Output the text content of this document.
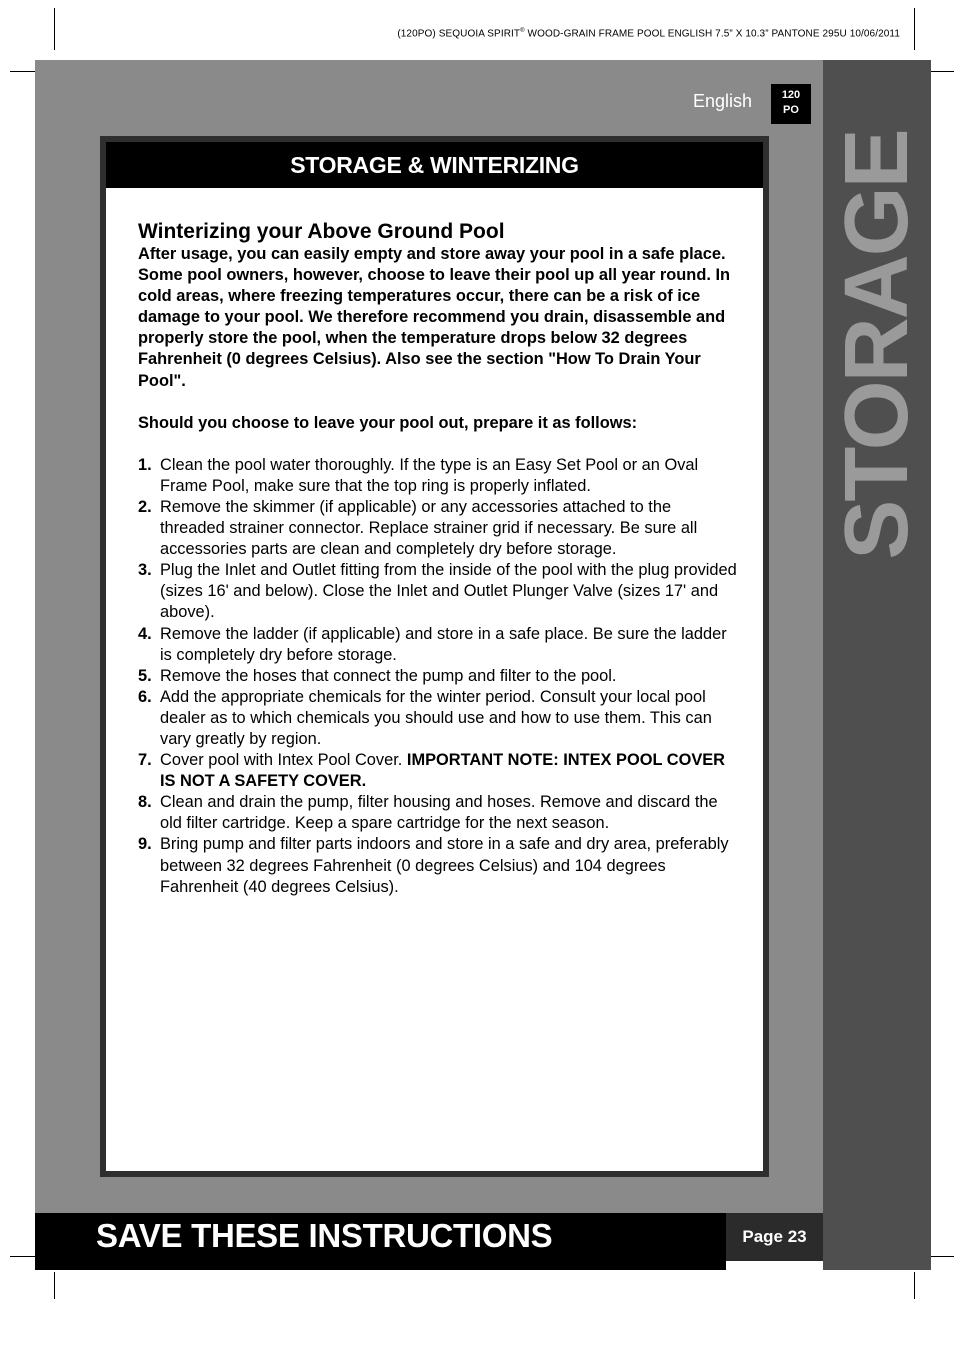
(120PO) SEQUOIA SPIRIT® WOOD-GRAIN FRAME POOL ENGLISH 7.5” X 10.3” PANTONE 295U 10/06/2011
STORAGE
English	120
PO
STORAGE & WINTERIZING
Winterizing your Above Ground Pool

After usage, you can easily empty and store away your pool in a safe place. Some pool owners, however, choose to leave their pool up all year round. In cold areas, where freezing temperatures occur, there can be a risk of ice damage to your pool. We therefore recommend you drain, disassemble and properly store the pool, when the temperature drops below 32 degrees Fahrenheit (0 degrees Celsius). Also see the section "How To Drain Your Pool".

Should you choose to leave your pool out, prepare it as follows:

1. Clean the pool water thoroughly. If the type is an Easy Set Pool or an Oval Frame Pool, make sure that the top ring is properly inflated.
2. Remove the skimmer (if applicable) or any accessories attached to the threaded strainer connector. Replace strainer grid if necessary. Be sure all accessories parts are clean and completely dry before storage.
3. Plug the Inlet and Outlet fitting from the inside of the pool with the plug provided (sizes 16' and below). Close the Inlet and Outlet Plunger Valve (sizes 17' and above).
4. Remove the ladder (if applicable) and store in a safe place. Be sure the ladder is completely dry before storage.
5. Remove the hoses that connect the pump and filter to the pool.
6. Add the appropriate chemicals for the winter period. Consult your local pool dealer as to which chemicals you should use and how to use them. This can vary greatly by region.
7. Cover pool with Intex Pool Cover. IMPORTANT NOTE: INTEX POOL COVER IS NOT A SAFETY COVER.
8. Clean and drain the pump, filter housing and hoses. Remove and discard the old filter cartridge. Keep a spare cartridge for the next season.
9. Bring pump and filter parts indoors and store in a safe and dry area, preferably between 32 degrees Fahrenheit (0 degrees Celsius) and 104 degrees Fahrenheit (40 degrees Celsius).
SAVE THESE INSTRUCTIONS	Page 23
